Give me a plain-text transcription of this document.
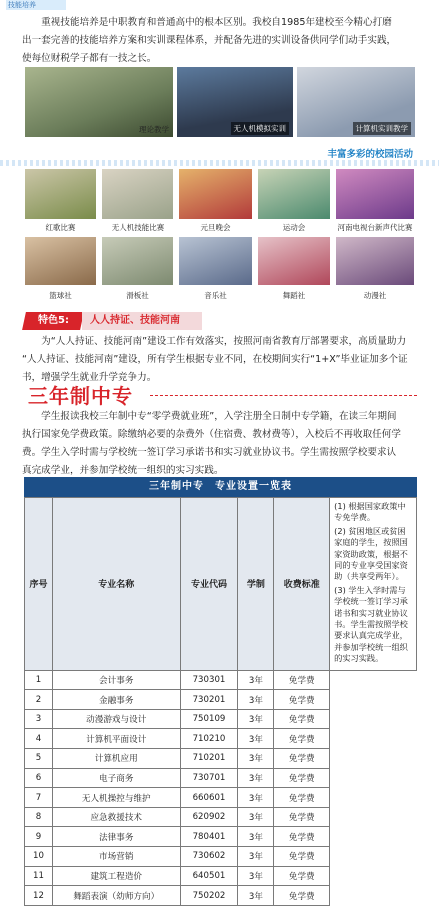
技能培养
　　重视技能培养是中职教育和普通高中的根本区别。我校自1985年建校至今精心打磨
出一套完善的技能培养方案和实训课程体系，并配备先进的实训设备供同学们动手实践，
使每位财税学子都有一技之长。
理论教学	无人机模拟实训	计算机实训教学
丰富多彩的校园活动
红歌比赛	无人机技能比赛	元旦晚会	运动会	河南电视台新声代比赛
篮球社	滑板社	音乐社	舞蹈社	动漫社
特色5:	人人持证、技能河南
　　为“人人持证、技能河南”建设工作有效落实，按照河南省教育厅部署要求，高质量助力
“人人持证、技能河南”建设，所有学生根据专业不同，在校期间实行“1+X”毕业证加多个证
书，增强学生就业升学竞争力。
三年制中专
　　学生报读我校三年制中专“零学费就业班”，入学注册全日制中专学籍，在读三年期间
执行国家免学费政策。除缴纳必要的杂费外（住宿费、教材费等），入校后不再收取任何学
费。学生入学时需与学校统一签订学习承诺书和实习就业协议书。学生需按照学校要求认
真完成学业，并参加学校统一组织的实习实践。
三年制中专　专业设置一览表
序号	专业名称	专业代码	学制	收费标准	(1) 根据国家政策中专免学费。

(2) 贫困地区或贫困家庭的学生，按照国家资助政策，根据不同的专业享受国家资助（共享受两年）。

(3) 学生入学时需与学校统一签订学习承诺书和实习就业协议书。学生需按照学校要求认真完成学业，并参加学校统一组织的实习实践。

1	会计事务	730301	3年	免学费	
2	金融事务	730201	3年	免学费	
3	动漫游戏与设计	750109	3年	免学费	
4	计算机平面设计	710210	3年	免学费	
5	计算机应用	710201	3年	免学费	
6	电子商务	730701	3年	免学费	
7	无人机操控与维护	660601	3年	免学费	
8	应急救援技术	620902	3年	免学费	
9	法律事务	780401	3年	免学费	
10	市场营销	730602	3年	免学费	
11	建筑工程造价	640501	3年	免学费	
12	舞蹈表演（幼师方向）	750202	3年	免学费	
